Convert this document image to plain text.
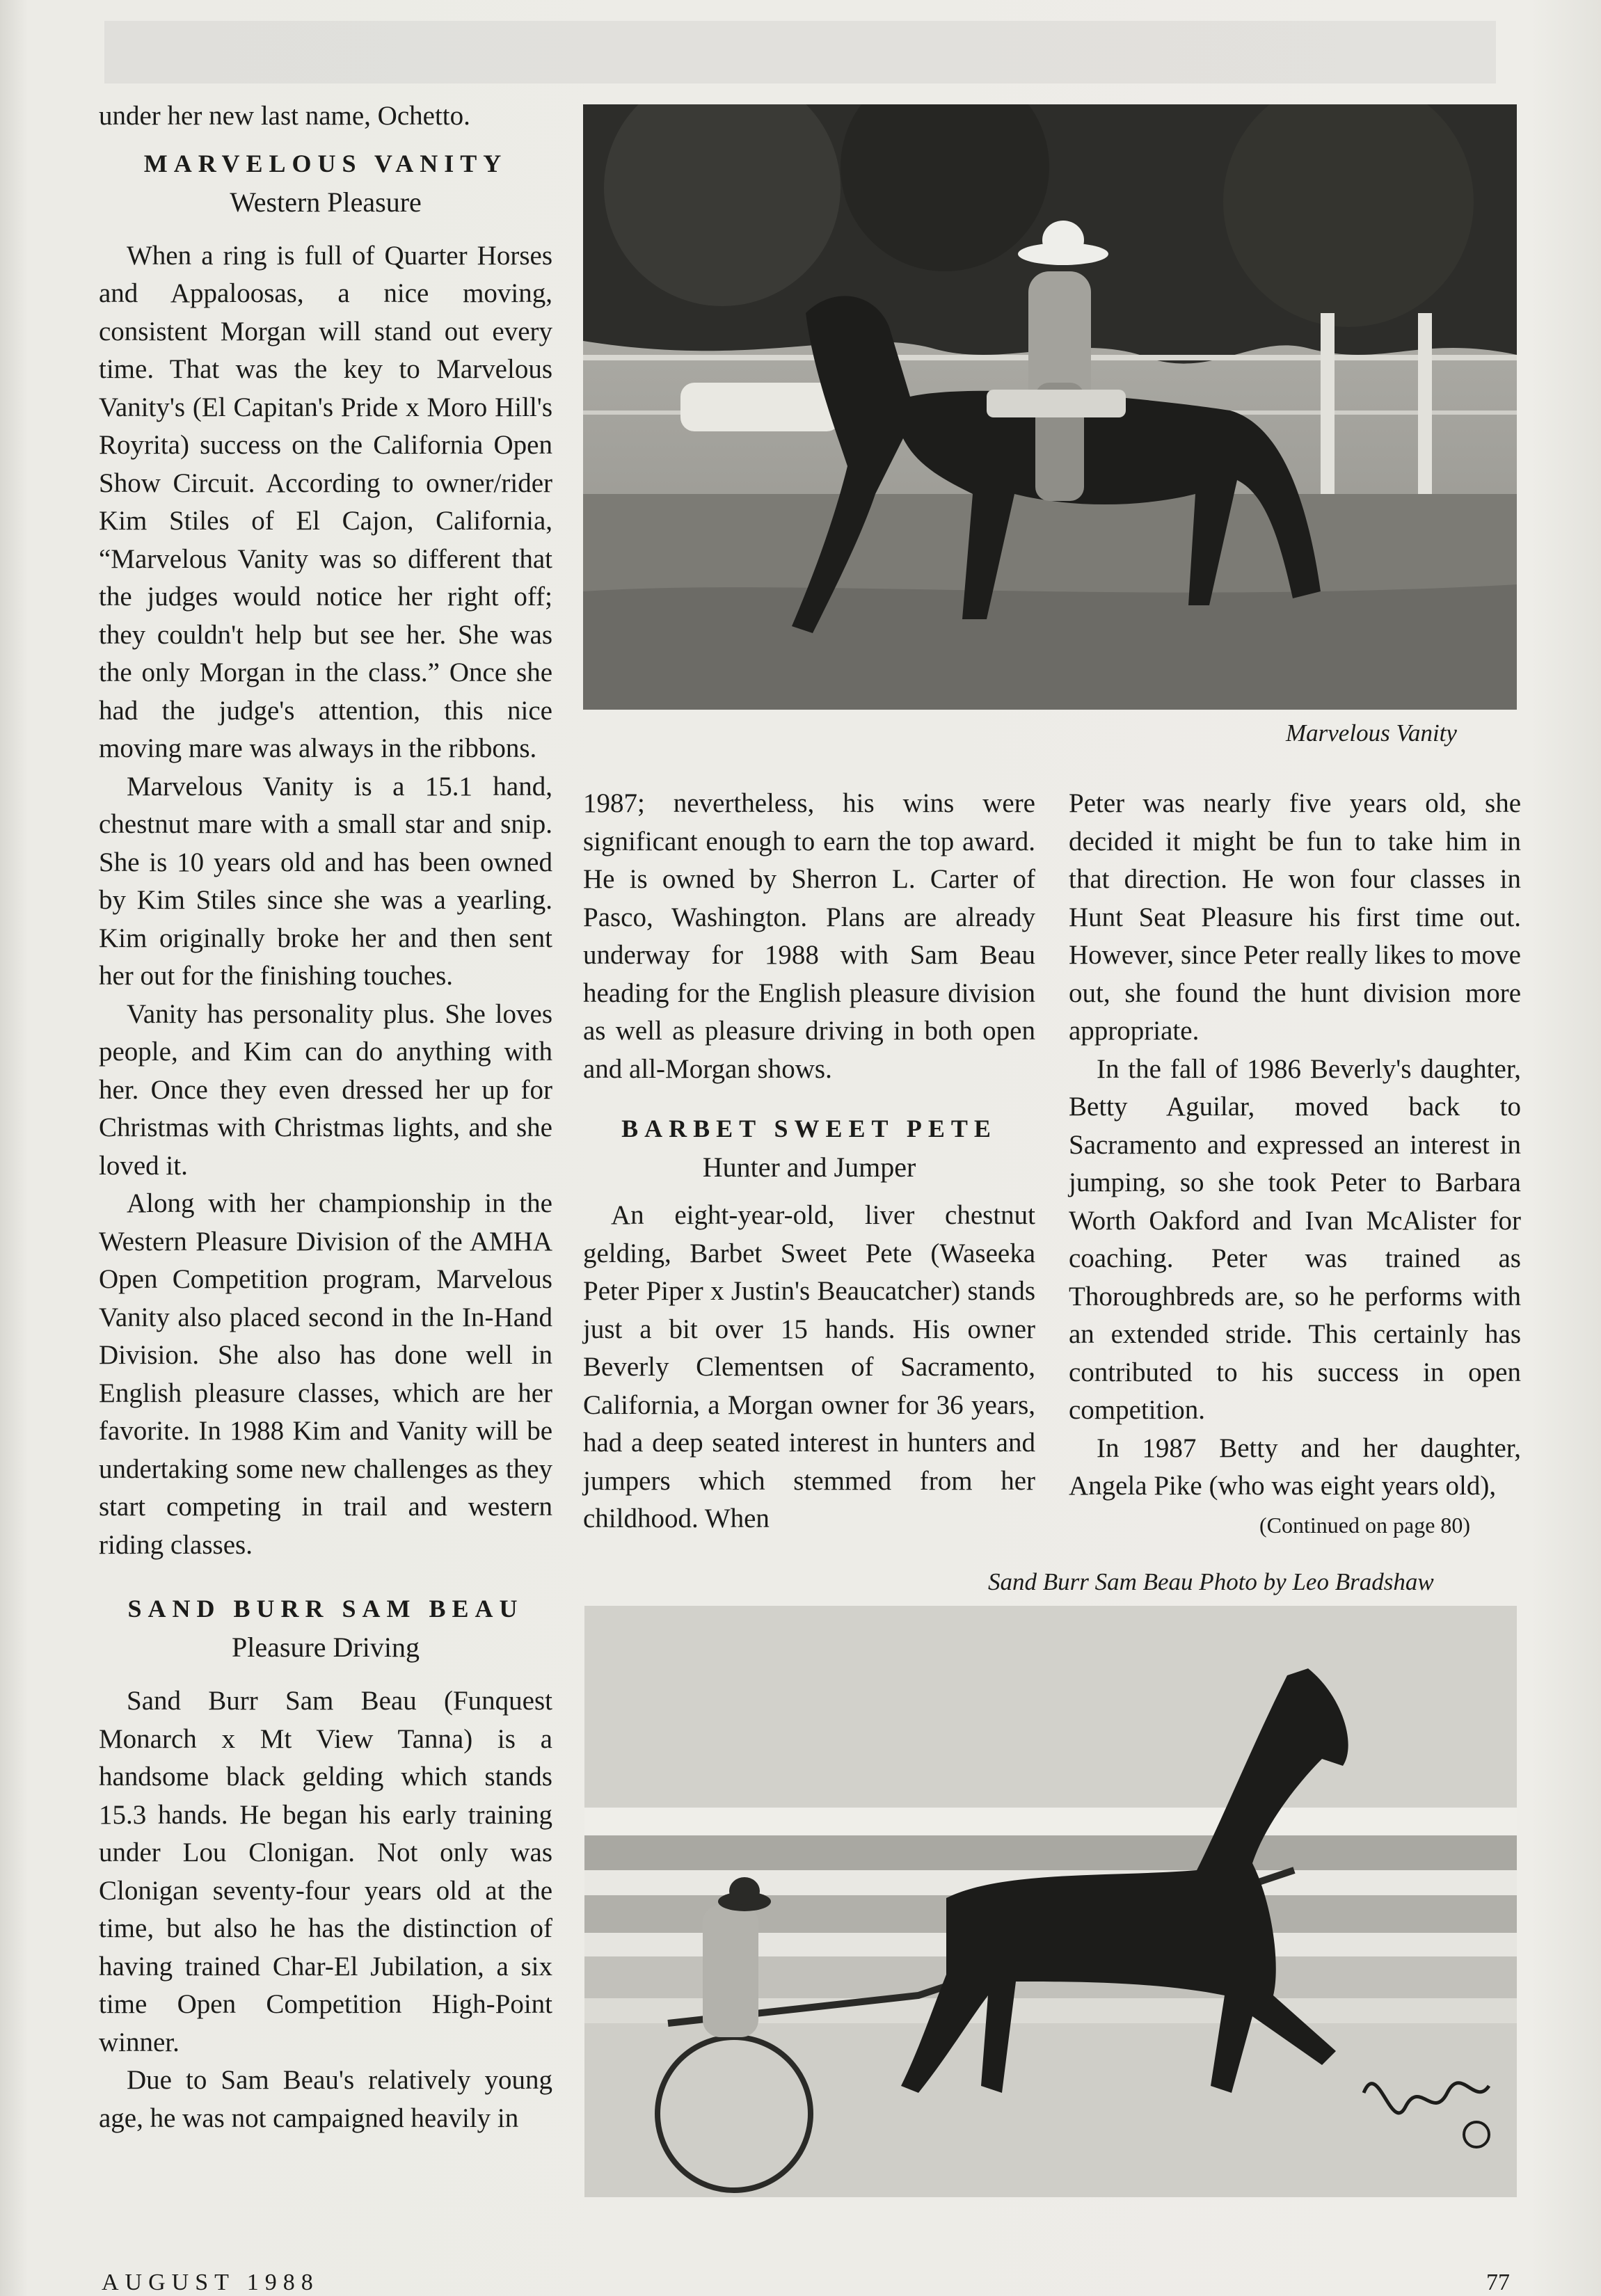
under her new last name, Ochetto.

MARVELOUS VANITY
Western Pleasure

When a ring is full of Quarter Horses and Appaloosas, a nice moving, consistent Morgan will stand out every time. That was the key to Marvelous Vanity's (El Capitan's Pride x Moro Hill's Royrita) success on the California Open Show Circuit. According to owner/rider Kim Stiles of El Cajon, California, “Marvelous Vanity was so different that the judges would notice her right off; they couldn't help but see her. She was the only Morgan in the class.” Once she had the judge's attention, this nice moving mare was always in the ribbons.

Marvelous Vanity is a 15.1 hand, chestnut mare with a small star and snip. She is 10 years old and has been owned by Kim Stiles since she was a yearling. Kim originally broke her and then sent her out for the finishing touches.

Vanity has personality plus. She loves people, and Kim can do anything with her. Once they even dressed her up for Christmas with Christmas lights, and she loved it.

Along with her championship in the Western Pleasure Division of the AMHA Open Competition program, Marvelous Vanity also placed second in the In-Hand Division. She also has done well in English pleasure classes, which are her favorite. In 1988 Kim and Vanity will be undertaking some new challenges as they start competing in trail and western riding classes.

SAND BURR SAM BEAU
Pleasure Driving

Sand Burr Sam Beau (Funquest Monarch x Mt View Tanna) is a handsome black gelding which stands 15.3 hands. He began his early training under Lou Clonigan. Not only was Clonigan seventy-four years old at the time, but also he has the distinction of having trained Char-El Jubilation, a six time Open Competition High-Point winner.

Due to Sam Beau's relatively young age, he was not campaigned heavily in

Marvelous Vanity

1987; nevertheless, his wins were significant enough to earn the top award. He is owned by Sherron L. Carter of Pasco, Washington. Plans are already underway for 1988 with Sam Beau heading for the English pleasure division as well as pleasure driving in both open and all-Morgan shows.

BARBET SWEET PETE
Hunter and Jumper

An eight-year-old, liver chestnut gelding, Barbet Sweet Pete (Waseeka Peter Piper x Justin's Beaucatcher) stands just a bit over 15 hands. His owner Beverly Clementsen of Sacramento, California, a Morgan owner for 36 years, had a deep seated interest in hunters and jumpers which stemmed from her childhood. When

Peter was nearly five years old, she decided it might be fun to take him in that direction. He won four classes in Hunt Seat Pleasure his first time out. However, since Peter really likes to move out, she found the hunt division more appropriate.

In the fall of 1986 Beverly's daughter, Betty Aguilar, moved back to Sacramento and expressed an interest in jumping, so she took Peter to Barbara Worth Oakford and Ivan McAlister for coaching. Peter was trained as Thoroughbreds are, so he performs with an extended stride. This certainly has contributed to his success in open competition.

In 1987 Betty and her daughter, Angela Pike (who was eight years old),

(Continued on page 80)
Sand Burr Sam Beau Photo by Leo Bradshaw
Bradshaw ©
AUGUST 1988	77
